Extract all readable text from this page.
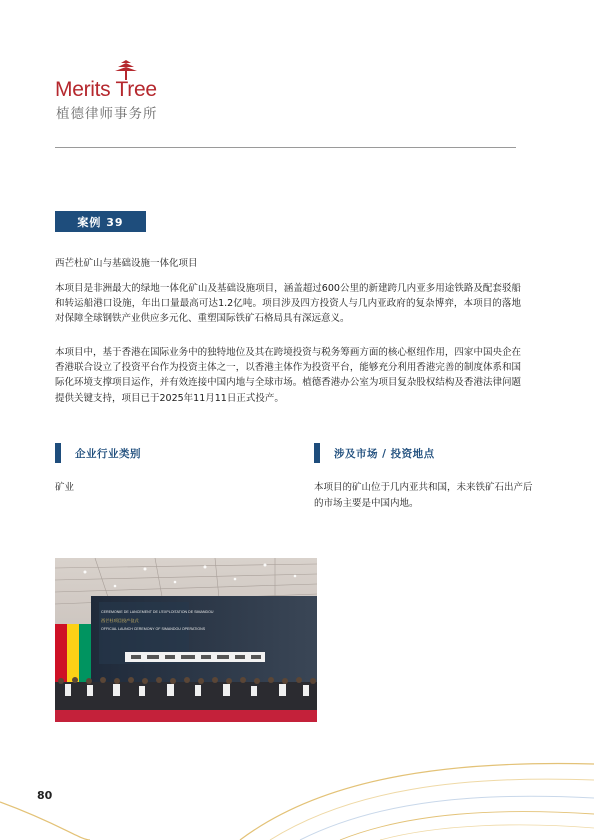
Merits Tree
植德律师事务所
案例 39
西芒杜矿山与基础设施一体化项目

本项目是非洲最大的绿地一体化矿山及基础设施项目，涵盖超过600公里的新建跨几内亚多用途铁路及配套驳船和转运船港口设施，年出口量最高可达1.2亿吨。项目涉及四方投资人与几内亚政府的复杂博弈，本项目的落地对保障全球钢铁产业供应多元化、重塑国际铁矿石格局具有深远意义。

本项目中，基于香港在国际业务中的独特地位及其在跨境投资与税务筹画方面的核心枢纽作用，四家中国央企在香港联合设立了投资平台作为投资主体之一，以香港主体作为投资平台，能够充分利用香港完善的制度体系和国际化环境支撑项目运作，并有效连接中国内地与全球市场。植德香港办公室为项目复杂股权结构及香港法律问题提供关键支持，项目已于2025年11月11日正式投产。

企业行业类别	涉及市场 / 投资地点

矿业	本项目的矿山位于几内亚共和国，未来铁矿石出产后的市场主要是中国内地。

CEREMONIE DE LANCEMENT DE L'EXPLOITATION DE SIMANDOU
西芒杜项目投产仪式
OFFICIAL LAUNCH CEREMONY OF SIMANDOU OPERATIONS
80
